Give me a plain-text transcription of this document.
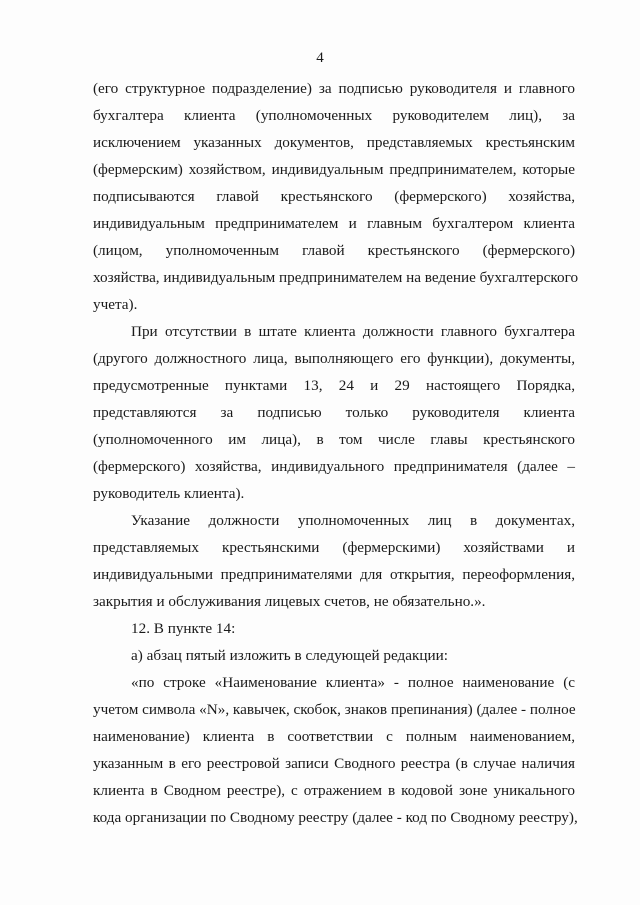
4
(его структурное подразделение) за подписью руководителя и главного
бухгалтера клиента (уполномоченных руководителем лиц), за
исключением указанных документов, представляемых крестьянским
(фермерским) хозяйством, индивидуальным предпринимателем, которые
подписываются главой крестьянского (фермерского) хозяйства,
индивидуальным предпринимателем и главным бухгалтером клиента
(лицом, уполномоченным главой крестьянского (фермерского)
хозяйства, индивидуальным предпринимателем на ведение бухгалтерского
учета).
При отсутствии в штате клиента должности главного бухгалтера
(другого должностного лица, выполняющего его функции), документы,
предусмотренные пунктами 13, 24 и 29 настоящего Порядка,
представляются за подписью только руководителя клиента
(уполномоченного им лица), в том числе главы крестьянского
(фермерского) хозяйства, индивидуального предпринимателя (далее –
руководитель клиента).
Указание должности уполномоченных лиц в документах,
представляемых крестьянскими (фермерскими) хозяйствами и
индивидуальными предпринимателями для открытия, переоформления,
закрытия и обслуживания лицевых счетов, не обязательно.».
12. В пункте 14:
а) абзац пятый изложить в следующей редакции:
«по строке «Наименование клиента» - полное наименование (с
учетом символа «N», кавычек, скобок, знаков препинания) (далее - полное
наименование) клиента в соответствии с полным наименованием,
указанным в его реестровой записи Сводного реестра (в случае наличия
клиента в Сводном реестре), с отражением в кодовой зоне уникального
кода организации по Сводному реестру (далее - код по Сводному реестру),
